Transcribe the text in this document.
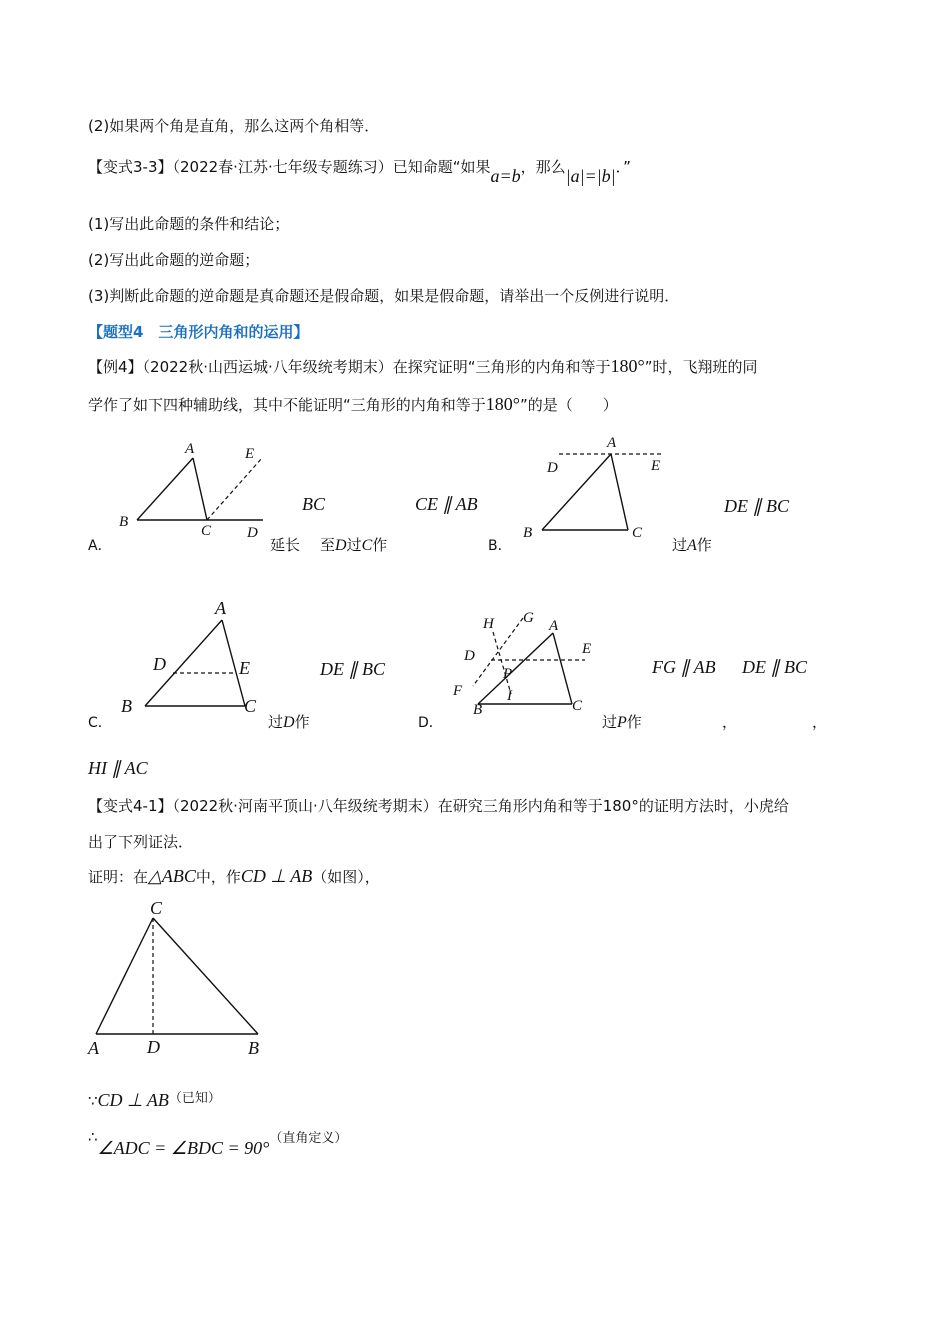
(2)如果两个角是直角，那么这两个角相等．
【变式3-3】（2022春·江苏·七年级专题练习）已知命题“如果a=b，那么|a|=|b|．”
(1)写出此命题的条件和结论；
(2)写出此命题的逆命题；
(3)判断此命题的逆命题是真命题还是假命题，如果是假命题，请举出一个反例进行说明．
【题型4　三角形内角和的运用】
【例4】（2022秋·山西运城·八年级统考期末）在探究证明“三角形的内角和等于180°”时，飞翔班的同
学作了如下四种辅助线，其中不能证明“三角形的内角和等于180°”的是（　　）
A
B
C D
E
A．
BC	CE ∥ AB
延长 至D过C作
A
D	E
B	C
B．
DE ∥ BC
过A作
A
D	E
B	C
C．
DE ∥ BC
过D作
H G A
D	E
P
F	I
B	C
D．
FG ∥ AB DE ∥ BC
过P作	，	，
HI ∥ AC
【变式4-1】（2022秋·河南平顶山·八年级统考期末）在研究三角形内角和等于180°的证明方法时，小虎给
出了下列证法．
证明：在△ABC中，作CD ⊥ AB（如图），
C
A	D	B
∵CD ⊥ AB（已知）
∴∠ADC = ∠BDC = 90°（直角定义）
